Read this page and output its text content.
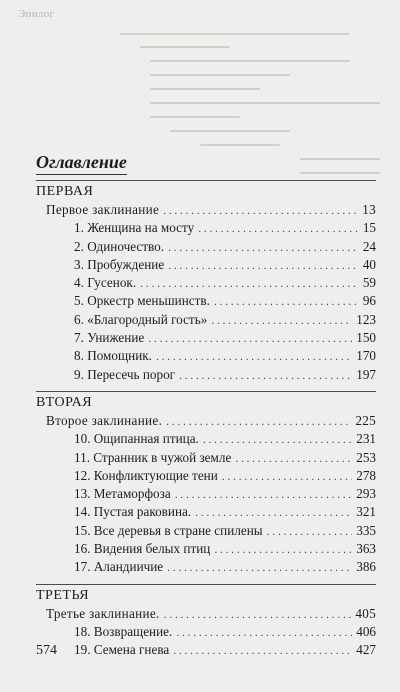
Эпилог
Оглавление
ПЕРВАЯ
Первое заклинание .....	13
1. Женщина на мосту .....	15
2. Одиночество. .....	24
3. Пробуждение .....	40
4. Гусенок. .....	59
5. Оркестр меньшинств. .....	96
6. «Благородный гость» .....	123
7. Унижение .....	150
8. Помощник. .....	170
9. Пересечь порог .....	197
ВТОРАЯ
Второе заклинание. .....	225
10. Ощипанная птица. .....	231
11. Странник в чужой земле .....	253
12. Конфликтующие тени .....	278
13. Метаморфоза .....	293
14. Пустая раковина. .....	321
15. Все деревья в стране спилены .....	335
16. Видения белых птиц .....	363
17. Аландиичие .....	386
ТРЕТЬЯ
Третье заклинание. .....	405
18. Возвращение. .....	406
19. Семена гнева .....	427
574
